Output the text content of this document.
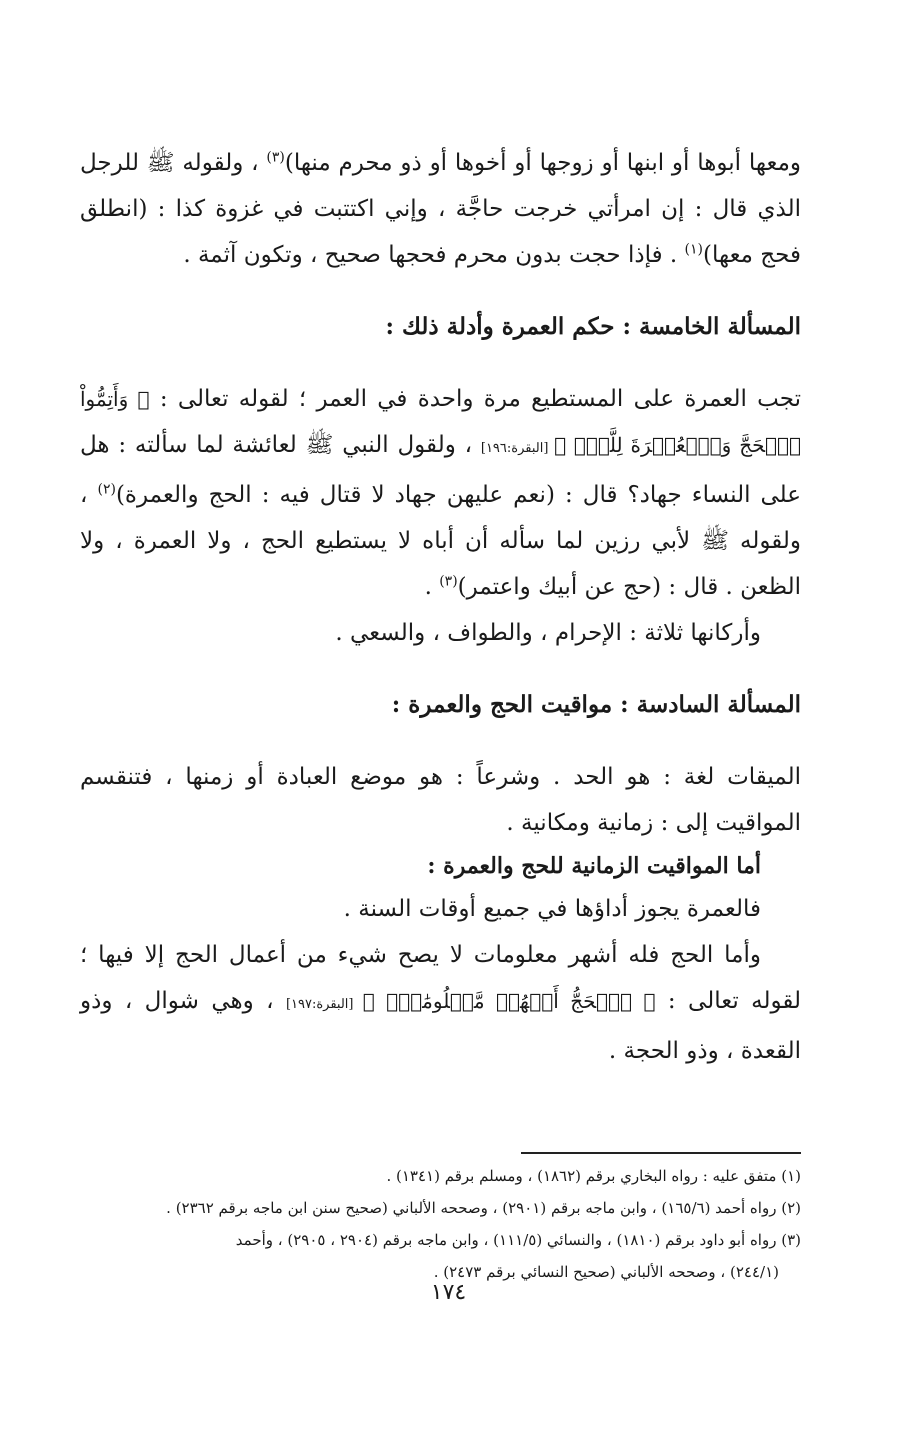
ومعها أبوها أو ابنها أو زوجها أو أخوها أو ذو محرم منها)$^{(٣)}$ ، ولقوله ﷺ للرجل الذي قال : إن امرأتي خرجت حاجَّة ، وإني اكتتبت في غزوة كذا : (انطلق فحج معها)$^{(١)}$ . فإذا حجت بدون محرم فحجها صحيح ، وتكون آثمة .

المسألة الخامسة : حكم العمرة وأدلة ذلك :

تجب العمرة على المستطيع مرة واحدة في العمر ؛ لقوله تعالى : ﴿ وَأَتِمُّواْ ٱلۡحَجَّ وَٱلۡعُمۡرَةَ لِلَّهِۚ ﴾ [البقرة:١٩٦] ، ولقول النبي ﷺ لعائشة لما سألته : هل على النساء جهاد؟ قال : (نعم عليهن جهاد لا قتال فيه : الحج والعمرة)$^{(٢)}$ ، ولقوله ﷺ لأبي رزين لما سأله أن أباه لا يستطيع الحج ، ولا العمرة ، ولا الظعن . قال : (حج عن أبيك واعتمر)$^{(٣)}$ .

وأركانها ثلاثة : الإحرام ، والطواف ، والسعي .

المسألة السادسة : مواقيت الحج والعمرة :

الميقات لغة : هو الحد . وشرعاً : هو موضع العبادة أو زمنها ، فتنقسم المواقيت إلى : زمانية ومكانية .

أما المواقيت الزمانية للحج والعمرة :

فالعمرة يجوز أداؤها في جميع أوقات السنة .

وأما الحج فله أشهر معلومات لا يصح شيء من أعمال الحج إلا فيها ؛ لقوله تعالى : ﴿ ٱلۡحَجُّ أَشۡهُرٞ مَّعۡلُومَٰتٞۚ ﴾ [البقرة:١٩٧] ، وهي شوال ، وذو القعدة ، وذو الحجة .

(١) متفق عليه : رواه البخاري برقم (١٨٦٢) ، ومسلم برقم (١٣٤١) .

(٢) رواه أحمد (١٦٥/٦) ، وابن ماجه برقم (٢٩٠١) ، وصححه الألباني (صحيح سنن ابن ماجه برقم ٢٣٦٢) .

(٣) رواه أبو داود برقم (١٨١٠) ، والنسائي (١١١/٥) ، وابن ماجه برقم (٢٩٠٤ ، ٢٩٠٥) ، وأحمد

(٢٤٤/١) ، وصححه الألباني (صحيح النسائي برقم ٢٤٧٣) .

١٧٤
